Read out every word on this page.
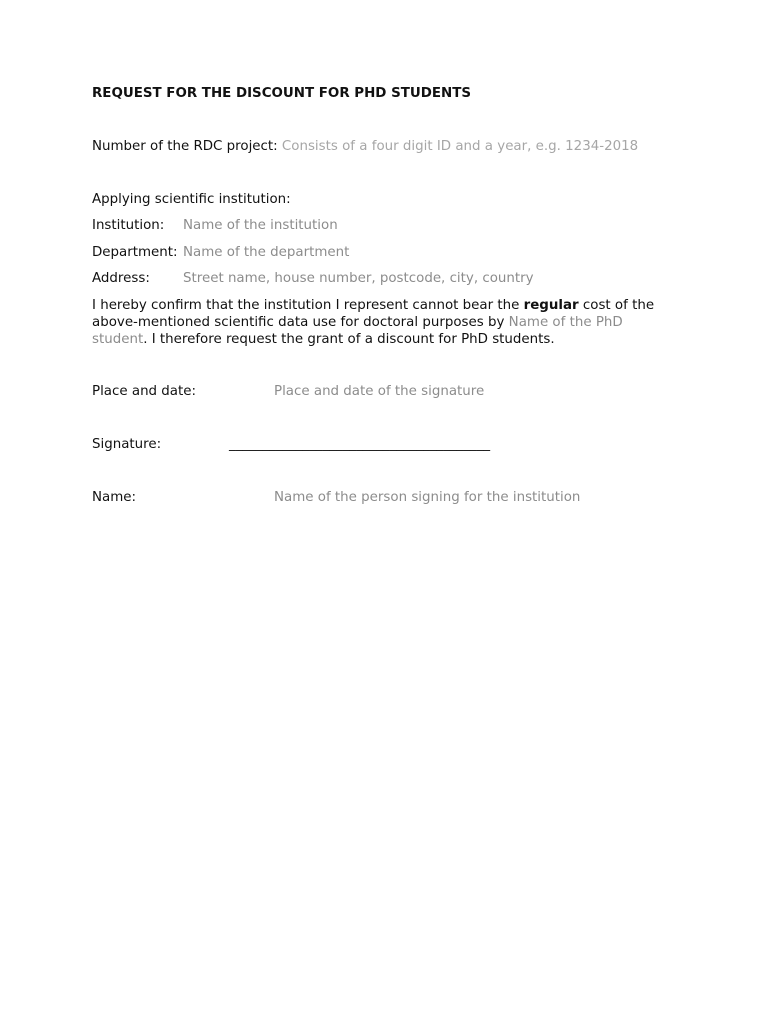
REQUEST FOR THE DISCOUNT FOR PHD STUDENTS
Number of the RDC project: Consists of a four digit ID and a year, e.g. 1234-2018
Applying scientific institution:
Institution: Name of the institution
Department: Name of the department
Address: Street name, house number, postcode, city, country
I hereby confirm that the institution I represent cannot bear the regular cost of the above-mentioned scientific data use for doctoral purposes by Name of the PhD student. I therefore request the grant of a discount for PhD students.
Place and date:	Place and date of the signature
Signature:	_______________________________________
Name:	Name of the person signing for the institution
